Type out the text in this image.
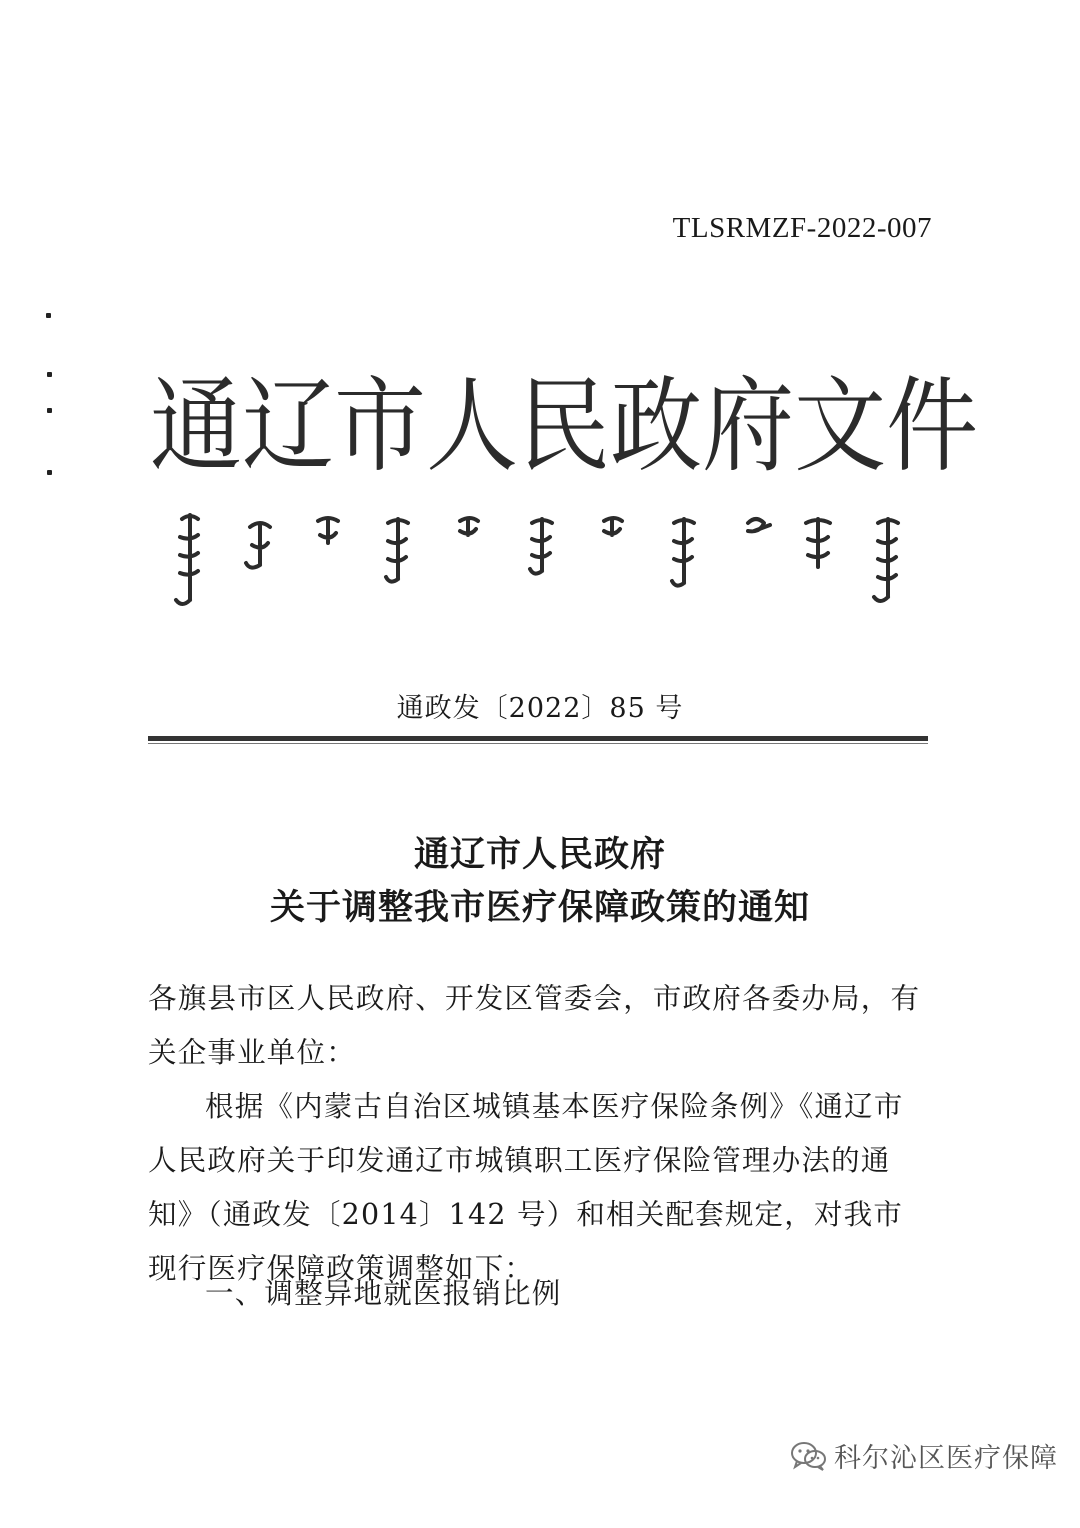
TLSRMZF-2022-007
通 辽 市 人 民 政 府 文 件
通政发〔2022〕85 号
通辽市人民政府
关于调整我市医疗保障政策的通知
各旗县市区人民政府、开发区管委会，市政府各委办局，有关企事业单位：
根据《内蒙古自治区城镇基本医疗保险条例》《通辽市人民政府关于印发通辽市城镇职工医疗保险管理办法的通知》（通政发〔2014〕142 号）和相关配套规定，对我市现行医疗保障政策调整如下：
一、调整异地就医报销比例
科尔沁区医疗保障
